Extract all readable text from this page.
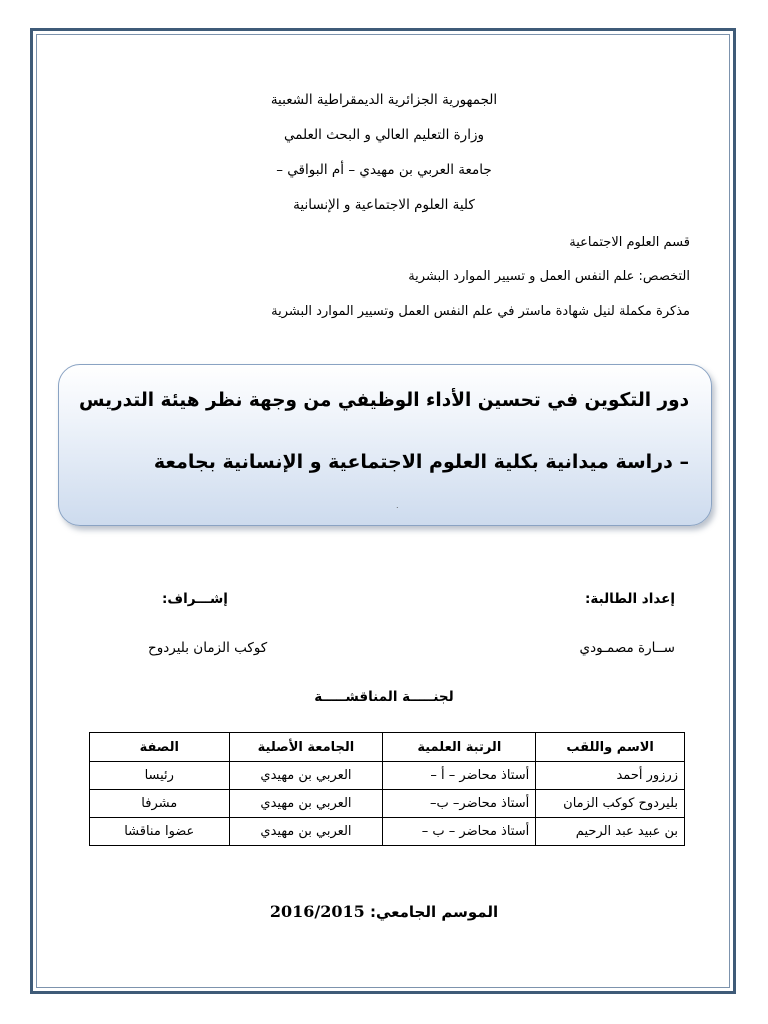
الجمهورية الجزائرية الديمقراطية الشعبية
وزارة التعليم العالي و البحث العلمي
جامعة العربي بن مهيدي – أم البواقي –
كلية العلوم الاجتماعية و الإنسانية
قسم العلوم الاجتماعية
التخصص: علم النفس العمل و تسيير الموارد البشرية
مذكرة مكملة لنيل شهادة ماستر في علم النفس العمل وتسيير الموارد البشرية
دور التكوين في تحسين الأداء الوظيفي من وجهة نظر هيئة التدريس
– دراسة ميدانية بكلية العلوم الاجتماعية و الإنسانية بجامعة
.
إعداد الطالبة:
ســارة مصمـودي
إشـــراف:
كوكب الزمان بليردوح
لجنـــــة المناقشـــــة
الاسم واللقب	الرتبة العلمية	الجامعة الأصلية	الصفة
زرزور أحمد	أستاذ محاضر – أ –	العربي بن مهيدي	رئيسا
بليردوح كوكب الزمان	أستاذ محاضر– ب–	العربي بن مهيدي	مشرفا
بن عبيد عبد الرحيم	أستاذ محاضر – ب –	العربي بن مهيدي	عضوا مناقشا
الموسم الجامعي: 2016/2015
